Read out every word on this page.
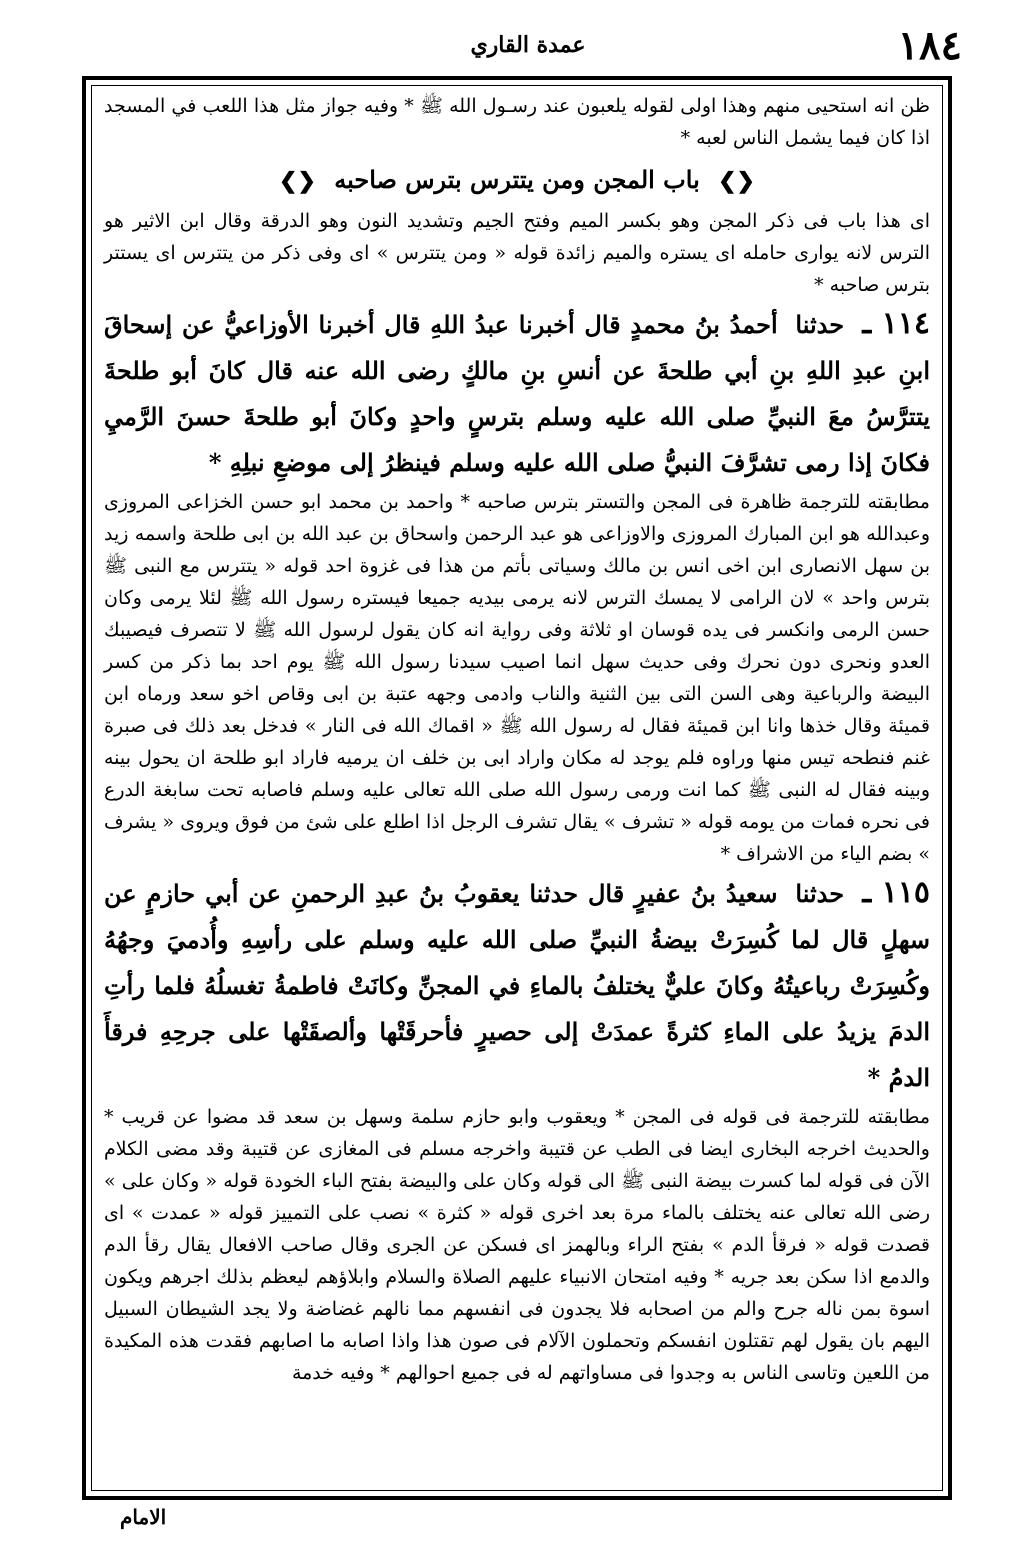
عمدة القاري	١٨٤

ظن انه استحيى منهم وهذا اولى لقوله يلعبون عند رسـول الله ﷺ * وفيه جواز مثل هذا اللعب في المسجد اذا كان فيما يشمل الناس لعبه *

❮❯ باب المجن ومن يتترس بترس صاحبه ❮❯

اى هذا باب فى ذكر المجن وهو بكسر الميم وفتح الجيم وتشديد النون وهو الدرقة وقال ابن الاثير هو الترس لانه يوارى حامله اى يستره والميم زائدة قوله « ومن يتترس » اى وفى ذكر من يتترس اى يستتر بترس صاحبه *

١١٤ ـ حدثنا أحمدُ بنُ محمدٍ قال أخبرنا عبدُ اللهِ قال أخبرنا الأوزاعيُّ عن إسحاقَ ابنِ عبدِ اللهِ بنِ أبي طلحةَ عن أنسِ بنِ مالكٍ رضى الله عنه قال كانَ أبو طلحةَ يتترَّسُ معَ النبيِّ صلى الله عليه وسلم بترسٍ واحدٍ وكانَ أبو طلحةَ حسنَ الرَّميِ فكانَ إذا رمى تشرَّفَ النبيُّ صلى الله عليه وسلم فينظرُ إلى موضعِ نبلِهِ *

مطابقته للترجمة ظاهرة فى المجن والتستر بترس صاحبه * واحمد بن محمد ابو حسن الخزاعى المروزى وعبدالله هو ابن المبارك المروزى والاوزاعى هو عبد الرحمن واسحاق بن عبد الله بن ابى طلحة واسمه زيد بن سهل الانصارى ابن اخى انس بن مالك وسياتى بأتم من هذا فى غزوة احد قوله « يتترس مع النبى ﷺ بترس واحد » لان الرامى لا يمسك الترس لانه يرمى بيديه جميعا فيستره رسول الله ﷺ لئلا يرمى وكان حسن الرمى وانكسر فى يده قوسان او ثلاثة وفى رواية انه كان يقول لرسول الله ﷺ لا تتصرف فيصيبك العدو ونحرى دون نحرك وفى حديث سهل انما اصيب سيدنا رسول الله ﷺ يوم احد بما ذكر من كسر البيضة والرباعية وهى السن التى بين الثنية والناب وادمى وجهه عتبة بن ابى وقاص اخو سعد ورماه ابن قميئة وقال خذها وانا ابن قميئة فقال له رسول الله ﷺ « اقماك الله فى النار » فدخل بعد ذلك فى صبرة غنم فنطحه تيس منها وراوه فلم يوجد له مكان واراد ابى بن خلف ان يرميه فاراد ابو طلحة ان يحول بينه وبينه فقال له النبى ﷺ كما انت ورمى رسول الله صلى الله تعالى عليه وسلم فاصابه تحت سابغة الدرع فى نحره فمات من يومه قوله « تشرف » يقال تشرف الرجل اذا اطلع على شئ من فوق ويروى « يشرف » بضم الياء من الاشراف *

١١٥ ـ حدثنا سعيدُ بنُ عفيرٍ قال حدثنا يعقوبُ بنُ عبدِ الرحمنِ عن أبي حازمٍ عن سهلٍ قال لما كُسِرَتْ بيضةُ النبيِّ صلى الله عليه وسلم على رأسِهِ وأُدميَ وجهُهُ وكُسِرَتْ رباعيتُهُ وكانَ عليٌّ يختلفُ بالماءِ في المجنِّ وكانَتْ فاطمةُ تغسلُهُ فلما رأتِ الدمَ يزيدُ على الماءِ كثرةً عمدَتْ إلى حصيرٍ فأحرقَتْها وألصقَتْها على جرحِهِ فرقأَ الدمُ *

مطابقته للترجمة فى قوله فى المجن * ويعقوب وابو حازم سلمة وسهل بن سعد قد مضوا عن قريب * والحديث اخرجه البخارى ايضا فى الطب عن قتيبة واخرجه مسلم فى المغازى عن قتيبة وقد مضى الكلام الآن فى قوله لما كسرت بيضة النبى ﷺ الى قوله وكان على والبيضة بفتح الباء الخودة قوله « وكان على » رضى الله تعالى عنه يختلف بالماء مرة بعد اخرى قوله « كثرة » نصب على التمييز قوله « عمدت » اى قصدت قوله « فرقأ الدم » بفتح الراء وبالهمز اى فسكن عن الجرى وقال صاحب الافعال يقال رقأ الدم والدمع اذا سكن بعد جريه * وفيه امتحان الانبياء عليهم الصلاة والسلام وابلاؤهم ليعظم بذلك اجرهم ويكون اسوة بمن ناله جرح والم من اصحابه فلا يجدون فى انفسهم مما نالهم غضاضة ولا يجد الشيطان السبيل اليهم بان يقول لهم تقتلون انفسكم وتحملون الآلام فى صون هذا واذا اصابه ما اصابهم فقدت هذه المكيدة من اللعين وتاسى الناس به وجدوا فى مساواتهم له فى جميع احوالهم * وفيه خدمة

الامام
